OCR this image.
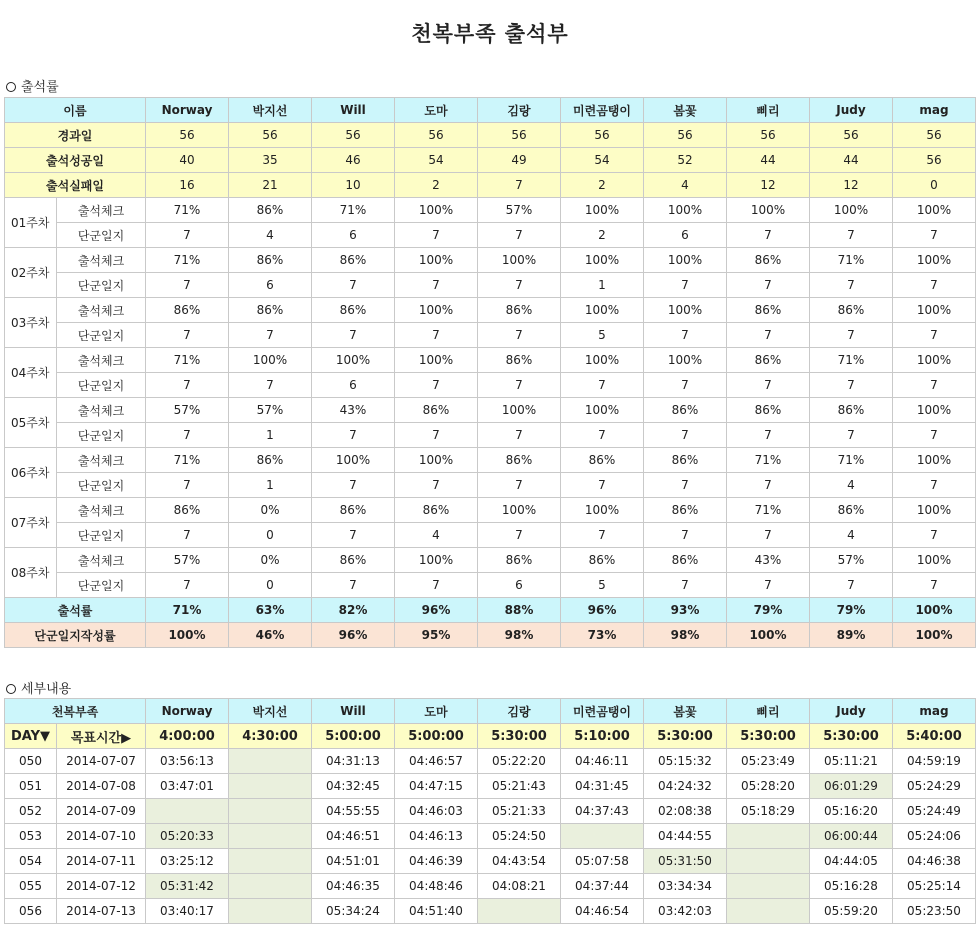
천복부족 출석부
출석률
이름		Norway	박지선	Will	도마	김랑	미련곰탱이	봄꽃	삐리	Judy	mag
경과일		56	56	56	56	56	56	56	56	56	56
출석성공일		40	35	46	54	49	54	52	44	44	56
출석실패일		16	21	10	2	7	2	4	12	12	0
01주차	출석체크	71%	86%	71%	100%	57%	100%	100%	100%	100%	100%
	단군일지	7	4	6	7	7	2	6	7	7	7
02주차	출석체크	71%	86%	86%	100%	100%	100%	100%	86%	71%	100%
	단군일지	7	6	7	7	7	1	7	7	7	7
03주차	출석체크	86%	86%	86%	100%	86%	100%	100%	86%	86%	100%
	단군일지	7	7	7	7	7	5	7	7	7	7
04주차	출석체크	71%	100%	100%	100%	86%	100%	100%	86%	71%	100%
	단군일지	7	7	6	7	7	7	7	7	7	7
05주차	출석체크	57%	57%	43%	86%	100%	100%	86%	86%	86%	100%
	단군일지	7	1	7	7	7	7	7	7	7	7
06주차	출석체크	71%	86%	100%	100%	86%	86%	86%	71%	71%	100%
	단군일지	7	1	7	7	7	7	7	7	4	7
07주차	출석체크	86%	0%	86%	86%	100%	100%	86%	71%	86%	100%
	단군일지	7	0	7	4	7	7	7	7	4	7
08주차	출석체크	57%	0%	86%	100%	86%	86%	86%	43%	57%	100%
	단군일지	7	0	7	7	6	5	7	7	7	7
출석률		71%	63%	82%	96%	88%	96%	93%	79%	79%	100%
단군일지작성률		100%	46%	96%	95%	98%	73%	98%	100%	89%	100%
세부내용
천복부족		Norway	박지선	Will	도마	김랑	미련곰탱이	봄꽃	삐리	Judy	mag
DAY▼	목표시간▶	4:00:00	4:30:00	5:00:00	5:00:00	5:30:00	5:10:00	5:30:00	5:30:00	5:30:00	5:40:00
050	2014-07-07	03:56:13		04:31:13	04:46:57	05:22:20	04:46:11	05:15:32	05:23:49	05:11:21	04:59:19
051	2014-07-08	03:47:01		04:32:45	04:47:15	05:21:43	04:31:45	04:24:32	05:28:20	06:01:29	05:24:29
052	2014-07-09			04:55:55	04:46:03	05:21:33	04:37:43	02:08:38	05:18:29	05:16:20	05:24:49
053	2014-07-10	05:20:33		04:46:51	04:46:13	05:24:50		04:44:55		06:00:44	05:24:06
054	2014-07-11	03:25:12		04:51:01	04:46:39	04:43:54	05:07:58	05:31:50		04:44:05	04:46:38
055	2014-07-12	05:31:42		04:46:35	04:48:46	04:08:21	04:37:44	03:34:34		05:16:28	05:25:14
056	2014-07-13	03:40:17		05:34:24	04:51:40		04:46:54	03:42:03		05:59:20	05:23:50
